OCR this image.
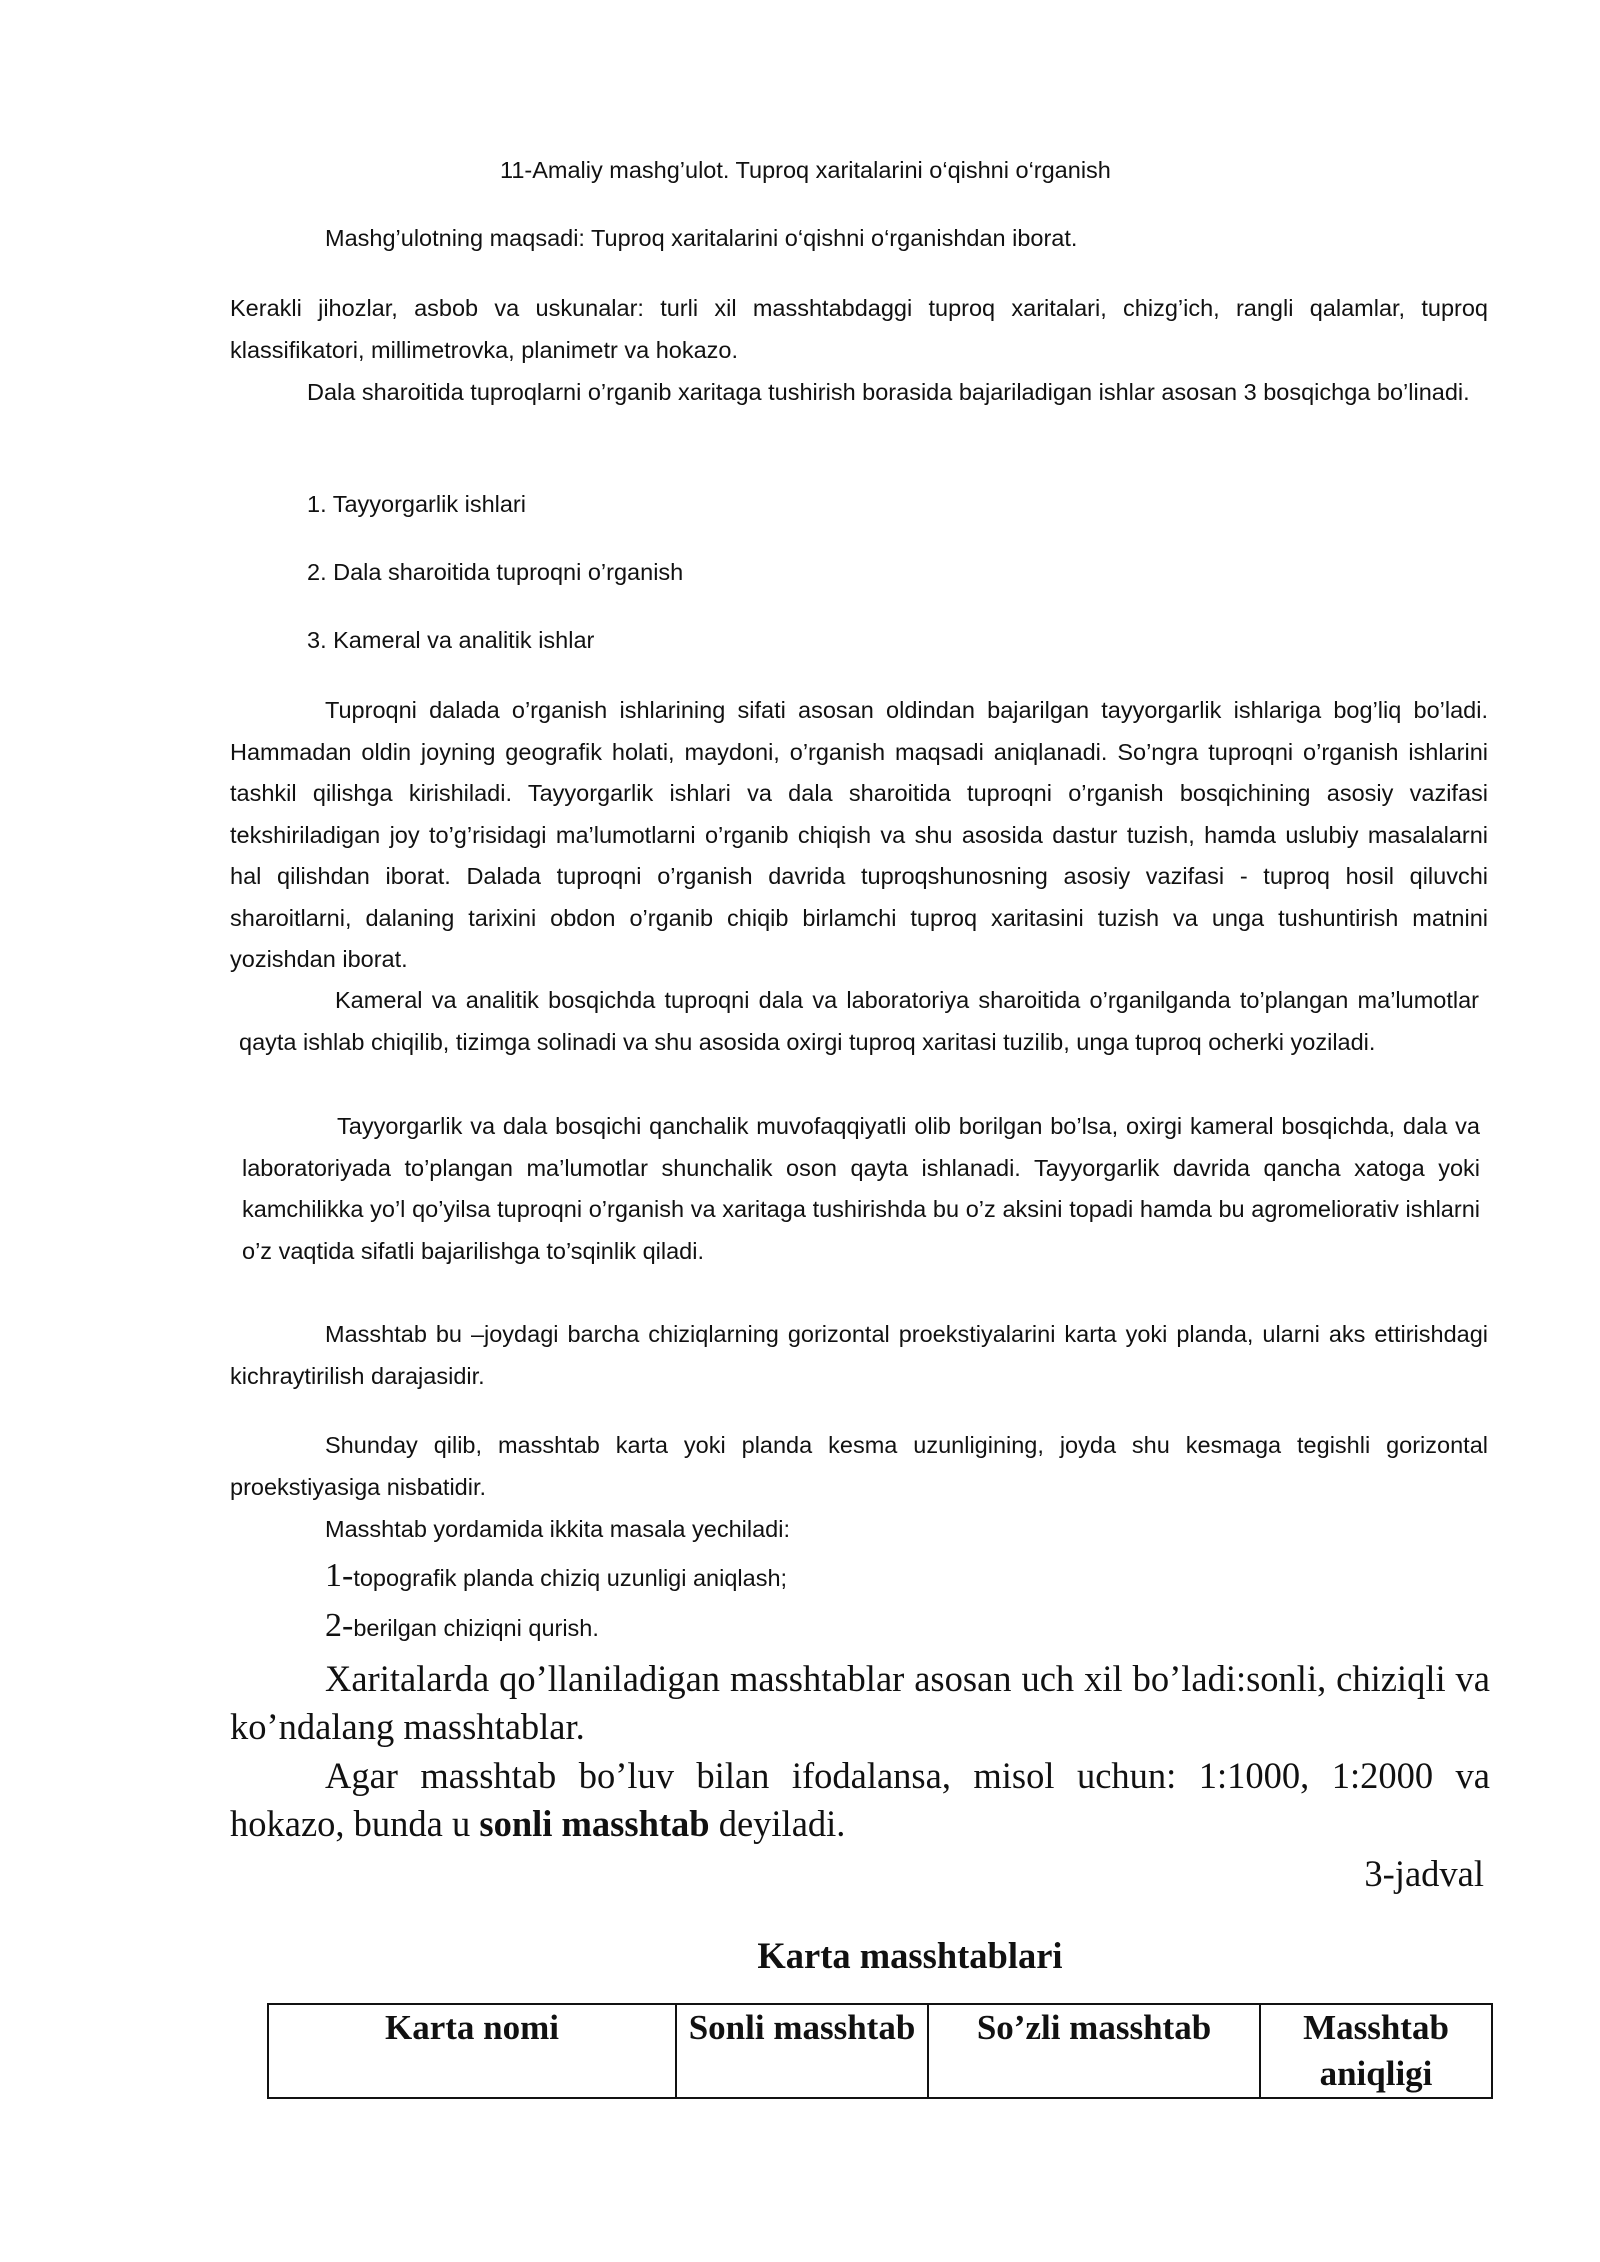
11-Amaliy mashg’ulot. Tuproq xaritalarini o‘qishni o‘rganish

Mashg’ulotning maqsadi: Tuproq xaritalarini o‘qishni o‘rganishdan iborat.

Kerakli jihozlar, asbob va uskunalar: turli xil masshtabdaggi tuproq xaritalari, chizg’ich, rangli qalamlar, tuproq klassifikatori, millimetrovka, planimetr va hokazo.

Dala sharoitida tuproqlarni o’rganib xaritaga tushirish borasida bajariladigan ishlar asosan 3 bosqichga bo’linadi.

1. Tayyorgarlik ishlari

2. Dala sharoitida tuproqni o’rganish

3. Kameral va analitik ishlar

Tuproqni dalada o’rganish ishlarining sifati asosan oldindan bajarilgan tayyorgarlik ishlariga bog’liq bo’ladi. Hammadan oldin joyning geografik holati, maydoni, o’rganish maqsadi aniqlanadi. So’ngra tuproqni o’rganish ishlarini tashkil qilishga kirishiladi. Tayyorgarlik ishlari va dala sharoitida tuproqni o’rganish bosqichining asosiy vazifasi tekshiriladigan joy to’g’risidagi ma’lumotlarni o’rganib chiqish va shu asosida dastur tuzish, hamda uslubiy masalalarni hal qilishdan iborat. Dalada tuproqni o’rganish davrida tuproqshunosning asosiy vazifasi - tuproq hosil qiluvchi sharoitlarni, dalaning tarixini obdon o’rganib chiqib birlamchi tuproq xaritasini tuzish va unga tushuntirish matnini yozishdan iborat.

Kameral va analitik bosqichda tuproqni dala va laboratoriya sharoitida o’rganilganda to’plangan ma’lumotlar qayta ishlab chiqilib, tizimga solinadi va shu asosida oxirgi tuproq xaritasi tuzilib, unga tuproq ocherki yoziladi.

Tayyorgarlik va dala bosqichi qanchalik muvofaqqiyatli olib borilgan bo’lsa, oxirgi kameral bosqichda, dala va laboratoriyada to’plangan ma’lumotlar shunchalik oson qayta ishlanadi. Tayyorgarlik davrida qancha xatoga yoki kamchilikka yo’l qo’yilsa tuproqni o’rganish va xaritaga tushirishda bu o’z aksini topadi hamda bu agromeliorativ ishlarni o’z vaqtida sifatli bajarilishga to’sqinlik qiladi.

Masshtab bu –joydagi barcha chiziqlarning gorizontal proekstiyalarini karta yoki planda, ularni aks ettirishdagi kichraytirilish darajasidir.

Shunday qilib, masshtab karta yoki planda kesma uzunligining, joyda shu kesmaga tegishli gorizontal proekstiyasiga nisbatidir.

Masshtab yordamida ikkita masala yechiladi:

1-topografik planda chiziq uzunligi aniqlash;

2-berilgan chiziqni qurish.

Xaritalarda qo’llaniladigan masshtablar asosan uch xil bo’ladi:sonli, chiziqli va ko’ndalang masshtablar.

Agar masshtab bo’luv bilan ifodalansa, misol uchun: 1:1000, 1:2000 va hokazo, bunda u sonli masshtab deyiladi.

3-jadval

Karta masshtablari

Karta nomi	Sonli masshtab	So’zli masshtab	Masshtab aniqligi
